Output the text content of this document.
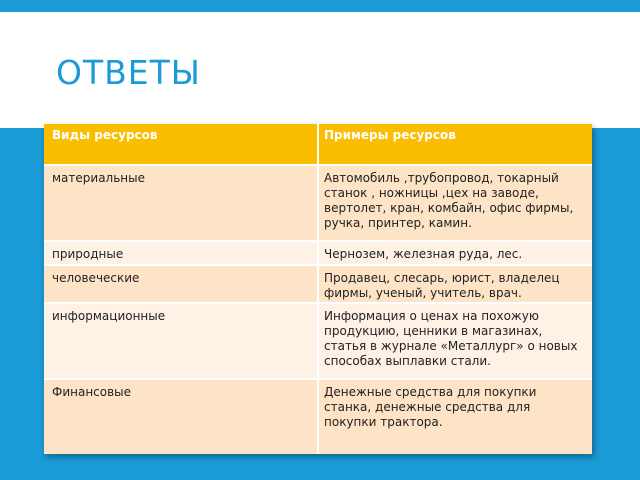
ОТВЕТЫ
Виды ресурсов	Примеры ресурсов
материальные	Автомобиль ,трубопровод, токарный станок , ножницы ,цех на заводе, вертолет, кран, комбайн, офис фирмы, ручка, принтер, камин.
природные	Чернозем, железная руда, лес.
человеческие	Продавец, слесарь, юрист, владелец фирмы, ученый, учитель, врач.
информационные	Информация о ценах на похожую продукцию, ценники в магазинах, статья в журнале «Металлург» о новых способах выплавки стали.
Финансовые	Денежные средства для покупки станка, денежные средства для покупки трактора.
